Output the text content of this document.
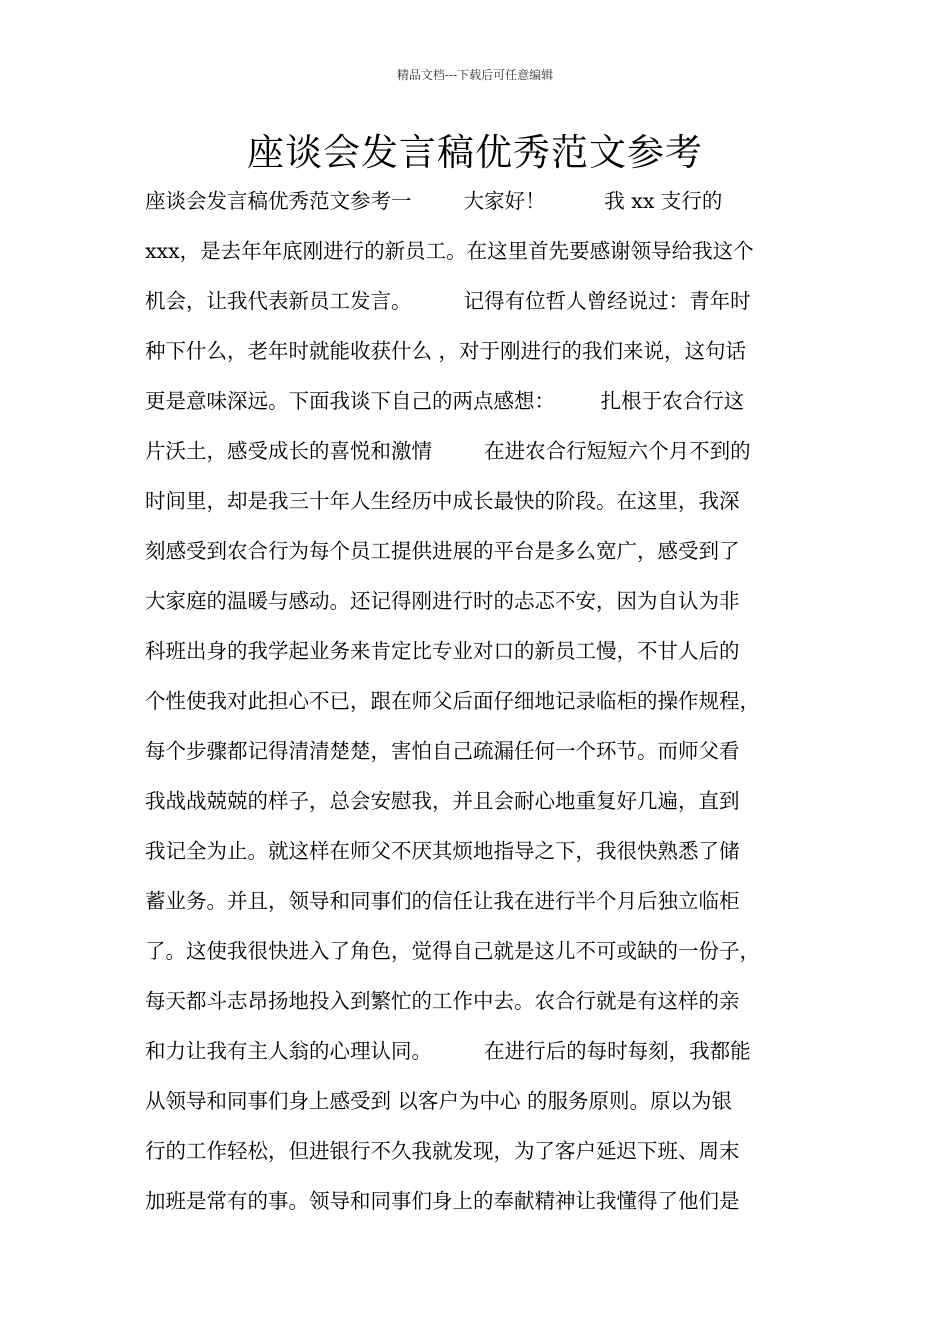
精品文档---下载后可任意编辑
座谈会发言稿优秀范文参考
座谈会发言稿优秀范文参考一        大家好！         我 xx 支行的
xxx，是去年年底刚进行的新员工。在这里首先要感谢领导给我这个
机会，让我代表新员工发言。        记得有位哲人曾经说过：青年时
种下什么，老年时就能收获什么 ，对于刚进行的我们来说，这句话
更是意味深远。下面我谈下自己的两点感想：       扎根于农合行这
片沃土，感受成长的喜悦和激情        在进农合行短短六个月不到的
时间里，却是我三十年人生经历中成长最快的阶段。在这里，我深
刻感受到农合行为每个员工提供进展的平台是多么宽广，感受到了
大家庭的温暖与感动。还记得刚进行时的忐忑不安，因为自认为非
科班出身的我学起业务来肯定比专业对口的新员工慢，不甘人后的
个性使我对此担心不已，跟在师父后面仔细地记录临柜的操作规程，
每个步骤都记得清清楚楚，害怕自己疏漏任何一个环节。而师父看
我战战兢兢的样子，总会安慰我，并且会耐心地重复好几遍，直到
我记全为止。就这样在师父不厌其烦地指导之下，我很快熟悉了储
蓄业务。并且，领导和同事们的信任让我在进行半个月后独立临柜
了。这使我很快进入了角色，觉得自己就是这儿不可或缺的一份子，
每天都斗志昂扬地投入到繁忙的工作中去。农合行就是有这样的亲
和力让我有主人翁的心理认同。        在进行后的每时每刻，我都能
从领导和同事们身上感受到 以客户为中心 的服务原则。原以为银
行的工作轻松，但进银行不久我就发现，为了客户延迟下班、周末
加班是常有的事。领导和同事们身上的奉献精神让我懂得了他们是
